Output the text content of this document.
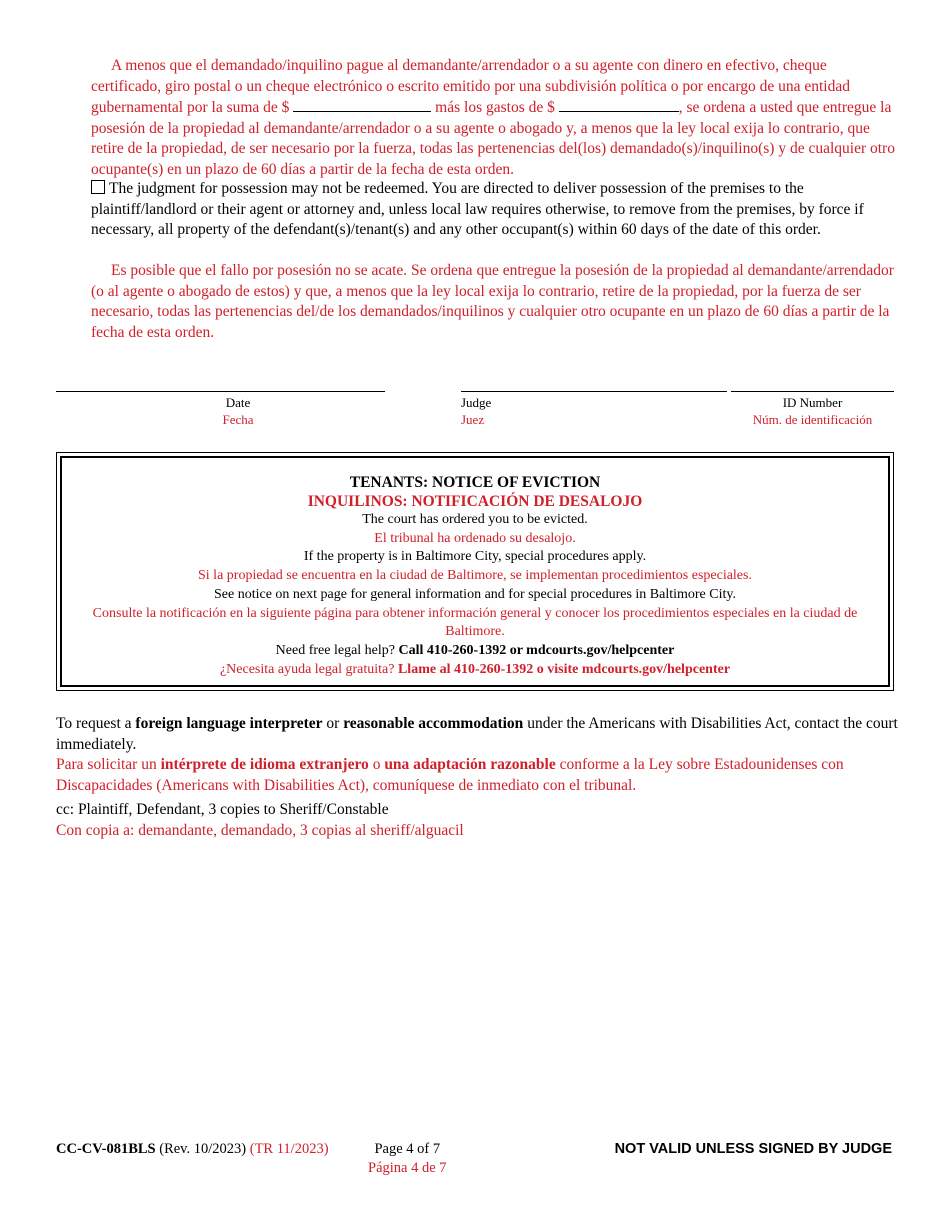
A menos que el demandado/inquilino pague al demandante/arrendador o a su agente con dinero en efectivo, cheque certificado, giro postal o un cheque electrónico o escrito emitido por una subdivisión política o por encargo de una entidad gubernamental por la suma de $	más los gastos de $	, se ordena a usted que entregue la posesión de la propiedad al demandante/arrendador o a su agente o abogado y, a menos que la ley local exija lo contrario, que retire de la propiedad, de ser necesario por la fuerza, todas las pertenencias del(los) demandado(s)/inquilino(s) y de cualquier otro ocupante(s) en un plazo de 60 días a partir de la fecha de esta orden.
The judgment for possession may not be redeemed. You are directed to deliver possession of the premises to the plaintiff/landlord or their agent or attorney and, unless local law requires otherwise, to remove from the premises, by force if necessary, all property of the defendant(s)/tenant(s) and any other occupant(s) within 60 days of the date of this order.
Es posible que el fallo por posesión no se acate. Se ordena que entregue la posesión de la propiedad al demandante/arrendador (o al agente o abogado de estos) y que, a menos que la ley local exija lo contrario, retire de la propiedad, por la fuerza de ser necesario, todas las pertenencias del/de los demandados/inquilinos y cualquier otro ocupante en un plazo de 60 días a partir de la fecha de esta orden.
Date
Fecha
Judge
Juez
ID Number
Núm. de identificación
TENANTS: NOTICE OF EVICTION
INQUILINOS: NOTIFICACIÓN DE DESALOJO
The court has ordered you to be evicted.
El tribunal ha ordenado su desalojo.
If the property is in Baltimore City, special procedures apply.
Si la propiedad se encuentra en la ciudad de Baltimore, se implementan procedimientos especiales.
See notice on next page for general information and for special procedures in Baltimore City.
Consulte la notificación en la siguiente página para obtener información general y conocer los procedimientos especiales en la ciudad de Baltimore.
Need free legal help? Call 410-260-1392 or mdcourts.gov/helpcenter
¿Necesita ayuda legal gratuita? Llame al 410-260-1392 o visite mdcourts.gov/helpcenter
To request a foreign language interpreter or reasonable accommodation under the Americans with Disabilities Act, contact the court immediately.
Para solicitar un intérprete de idioma extranjero o una adaptación razonable conforme a la Ley sobre Estadounidenses con Discapacidades (Americans with Disabilities Act), comuníquese de inmediato con el tribunal.
cc: Plaintiff, Defendant, 3 copies to Sheriff/Constable
Con copia a: demandante, demandado, 3 copias al sheriff/alguacil
CC-CV-081BLS (Rev. 10/2023) (TR 11/2023)	Page 4 of 7
Página 4 de 7
NOT VALID UNLESS SIGNED BY JUDGE
